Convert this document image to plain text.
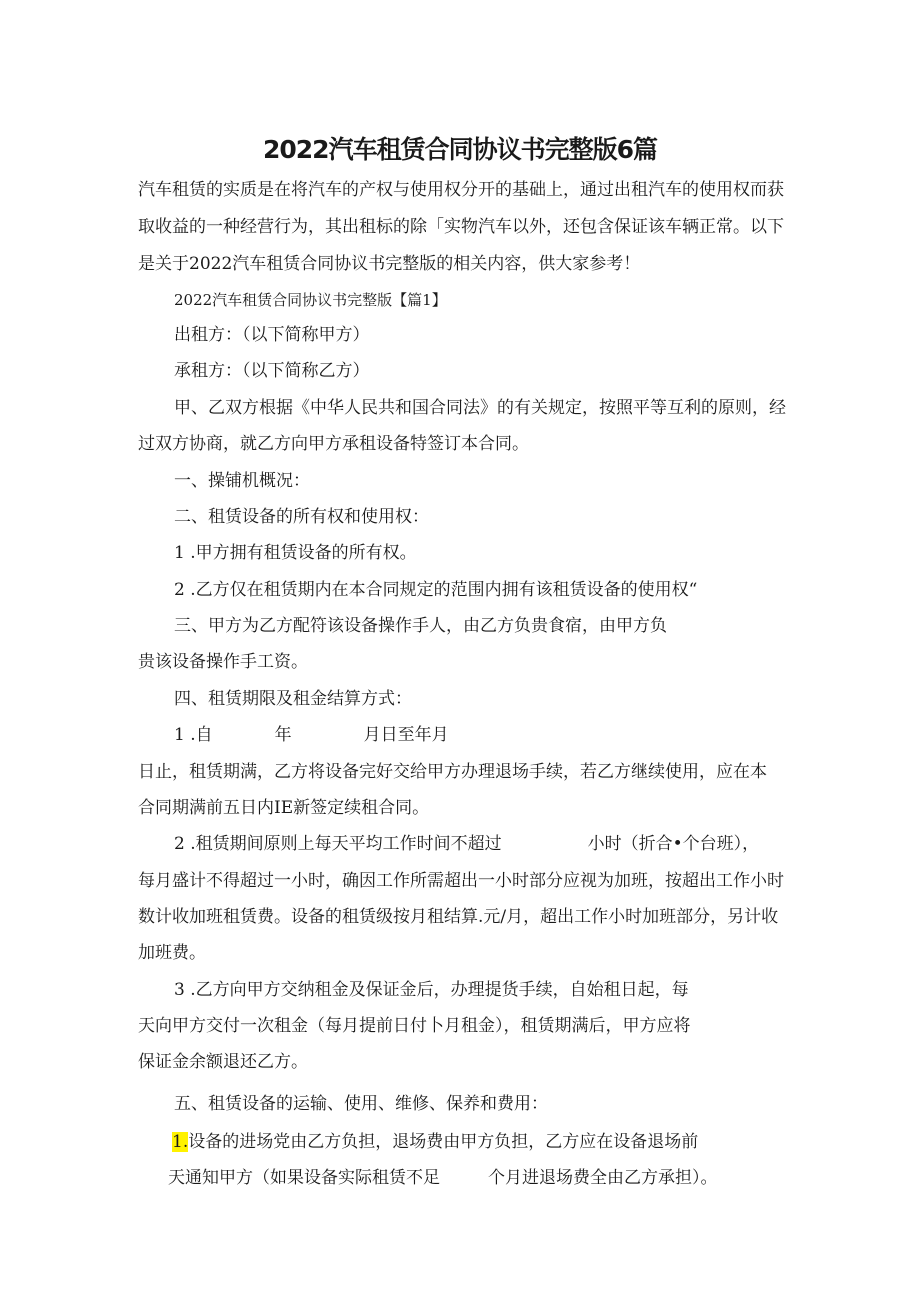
2022汽车租赁合同协议书完整版6篇
汽车租赁的实质是在将汽车的产权与使用权分开的基础上，通过出租汽车的使用权而获
取收益的一种经营行为，其出租标的除「实物汽车以外，还包含保证该车辆正常。以下
是关于2022汽车租赁合同协议书完整版的相关内容，供大家参考！
2022汽车租赁合同协议书完整版【篇1】
出租方：（以下简称甲方）
承租方：（以下简称乙方）
甲、乙双方根据《中华人民共和国合同法》的有关规定，按照平等互利的原则，经
过双方协商，就乙方向甲方承租设备特签订本合同。
一、操铺机概况：
二、租赁设备的所有权和使用权：
1 .甲方拥有租赁设备的所有权。
2 .乙方仅在租赁期内在本合同规定的范围内拥有该租赁设备的使用权“
三、甲方为乙方配符该设备操作手人，由乙方负贵食宿，由甲方负
贵该设备操作手工资。
四、租赁期限及租金结算方式：
1 .自	年	月日至年月
日止，租赁期满，乙方将设备完好交给甲方办理退场手续，若乙方继续使用，应在本
合同期满前五日内IE新签定续租合同。
2 .租赁期间原则上每天平均工作时间不超过	小时（折合•个台班），
每月盛计不得超过一小时，确因工作所需超出一小时部分应视为加班，按超出工作小时
数计收加班租赁费。设备的租赁级按月租结算.元/月，超出工作小时加班部分，另计收
加班费。
3 .乙方向甲方交纳租金及保证金后，办理提货手续，自始租日起，每
天向甲方交付一次租金（每月提前日付卜月租金），租赁期满后，甲方应将
保证金余额退还乙方。
五、租赁设备的运输、使用、维修、保养和费用：
1.设备的进场党由乙方负担，退场费由甲方负担，乙方应在设备退场前
天通知甲方（如果设备实际租赁不足	个月进退场费全由乙方承担）。
